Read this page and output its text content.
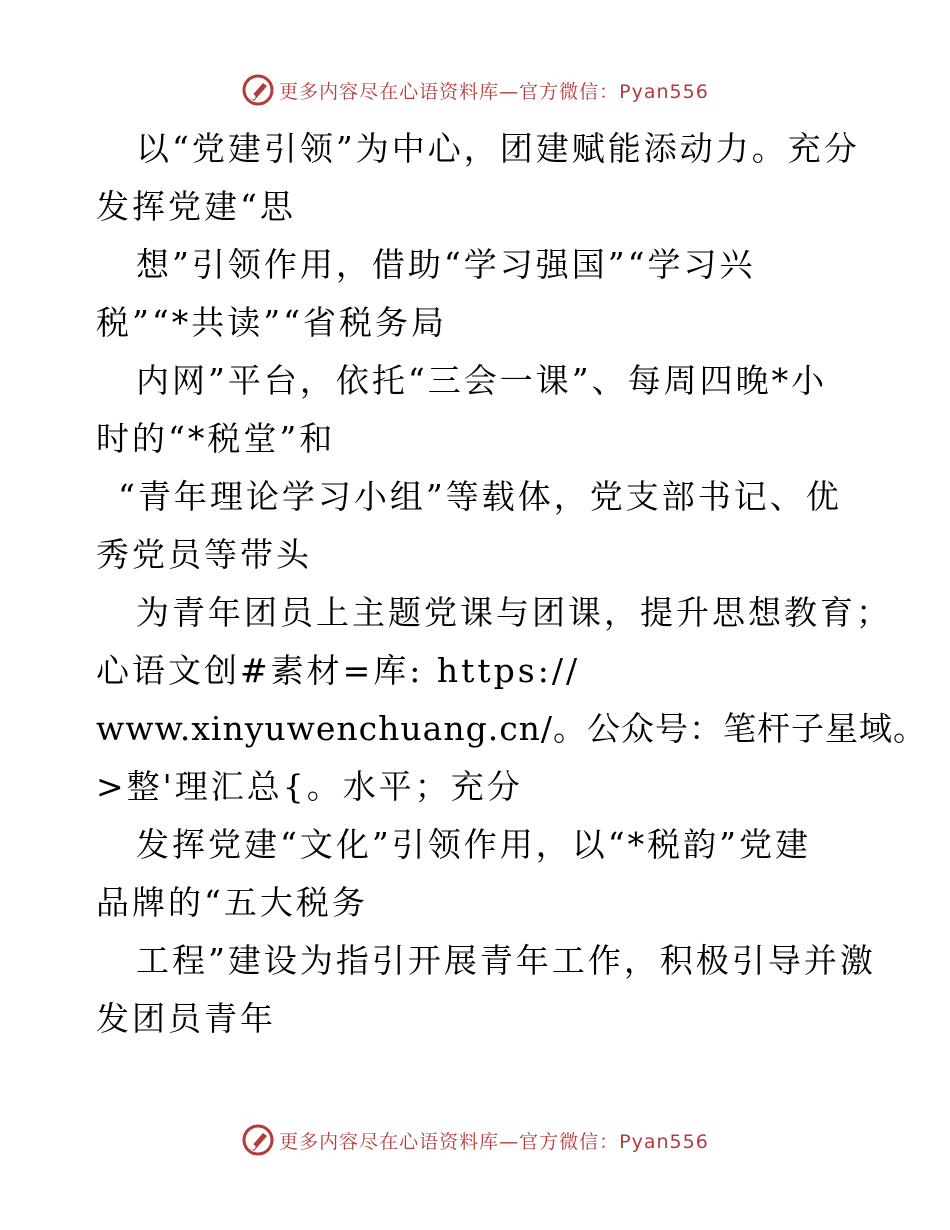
更多内容尽在心语资料库—官方微信：Pyan556
以“党建引领”为中心，团建赋能添动力。充分
发挥党建“思
想”引领作用，借助“学习强国”“学习兴
税”“*共读”“省税务局
内网”平台，依托“三会一课”、每周四晚*小
时的“*税堂”和
“青年理论学习小组”等载体，党支部书记、优
秀党员等带头
为青年团员上主题党课与团课，提升思想教育；
心语文创#素材=库: https://
www.xinyuwenchuang.cn/。公众号：笔杆子星域。
>整'理汇总{。水平；充分
发挥党建“文化”引领作用，以“*税韵”党建
品牌的“五大税务
工程”建设为指引开展青年工作，积极引导并激
发团员青年
更多内容尽在心语资料库—官方微信：Pyan556
